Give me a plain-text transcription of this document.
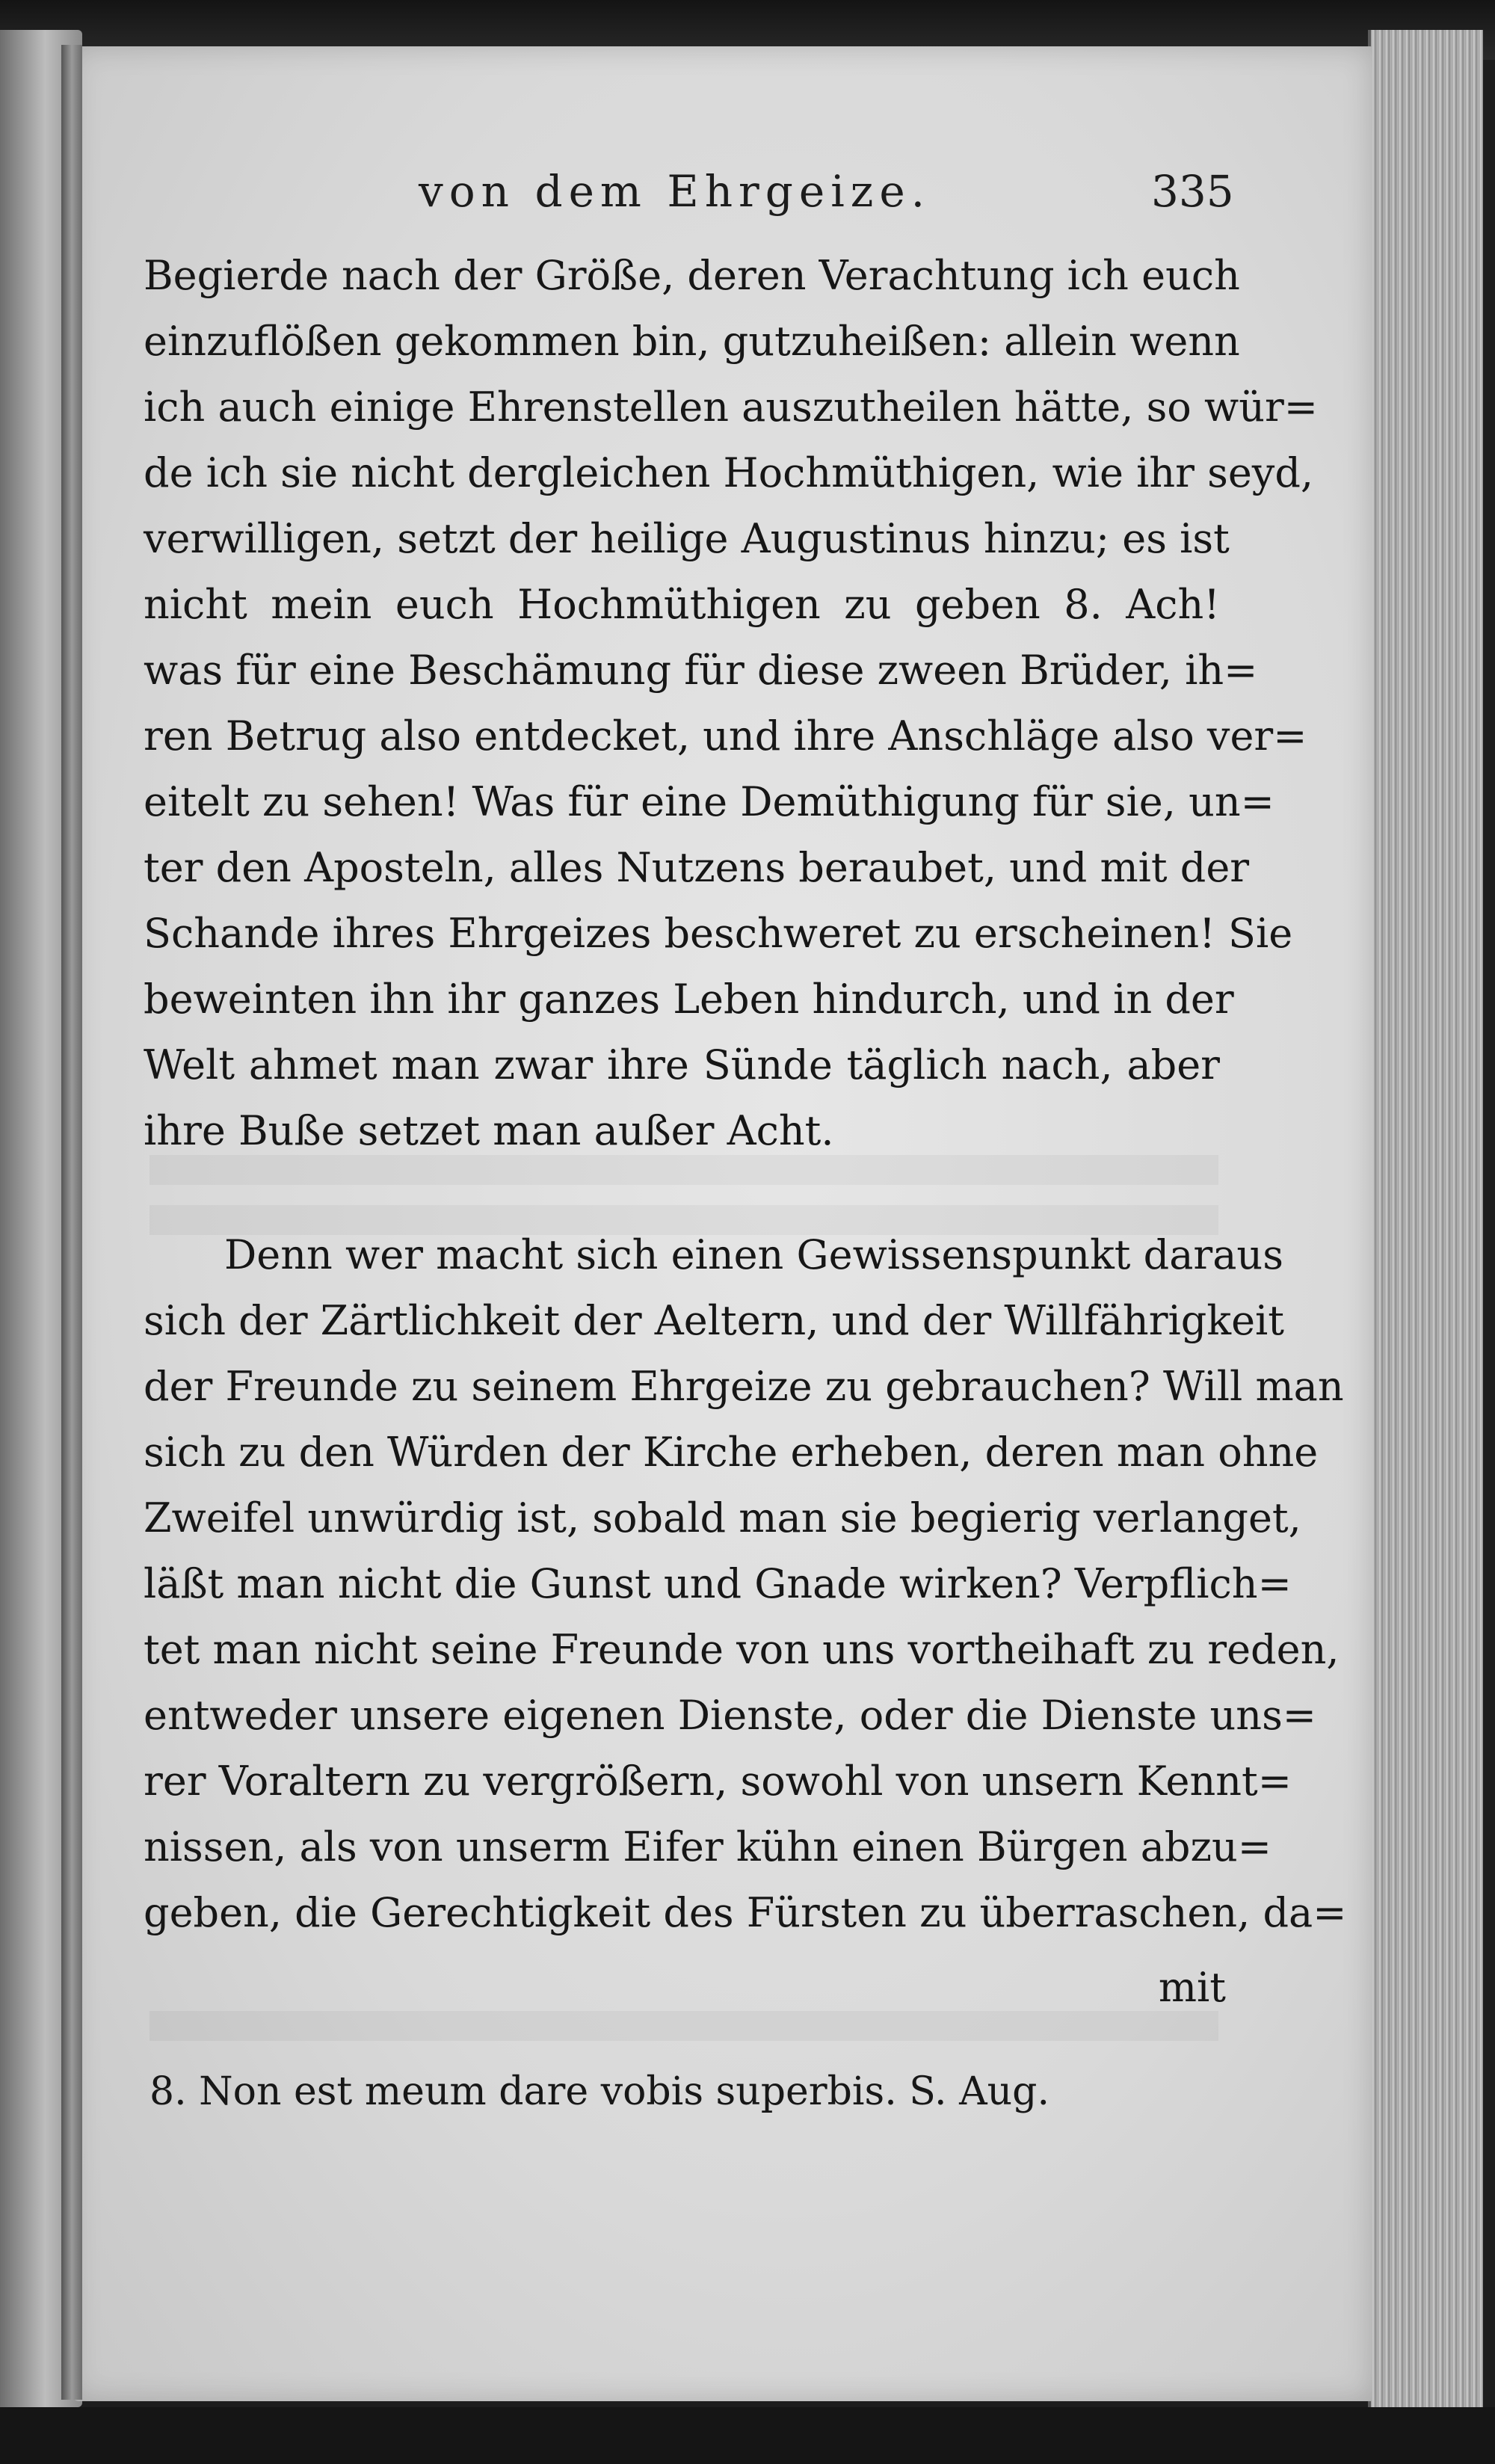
von dem Ehrgeize.	335
Begierde nach der Größe, deren Verachtung ich euch
einzuflößen gekommen bin, gutzuheißen: allein wenn
ich auch einige Ehrenstellen auszutheilen hätte, so wür=
de ich sie nicht dergleichen Hochmüthigen, wie ihr seyd,
verwilligen, setzt der heilige Augustinus hinzu; es ist
nicht mein euch Hochmüthigen zu geben 8. Ach!
was für eine Beschämung für diese zween Brüder, ih=
ren Betrug also entdecket, und ihre Anschläge also ver=
eitelt zu sehen! Was für eine Demüthigung für sie, un=
ter den Aposteln, alles Nutzens beraubet, und mit der
Schande ihres Ehrgeizes beschweret zu erscheinen! Sie
beweinten ihn ihr ganzes Leben hindurch, und in der
Welt ahmet man zwar ihre Sünde täglich nach, aber
ihre Buße setzet man außer Acht.
Denn wer macht sich einen Gewissenspunkt daraus
sich der Zärtlichkeit der Aeltern, und der Willfährigkeit
der Freunde zu seinem Ehrgeize zu gebrauchen? Will man
sich zu den Würden der Kirche erheben, deren man ohne
Zweifel unwürdig ist, sobald man sie begierig verlanget,
läßt man nicht die Gunst und Gnade wirken? Verpflich=
tet man nicht seine Freunde von uns vortheihaft zu reden,
entweder unsere eigenen Dienste, oder die Dienste uns=
rer Voraltern zu vergrößern, sowohl von unsern Kennt=
nissen, als von unserm Eifer kühn einen Bürgen abzu=
geben, die Gerechtigkeit des Fürsten zu überraschen, da=
mit
8. Non est meum dare vobis superbis. S. Aug.
